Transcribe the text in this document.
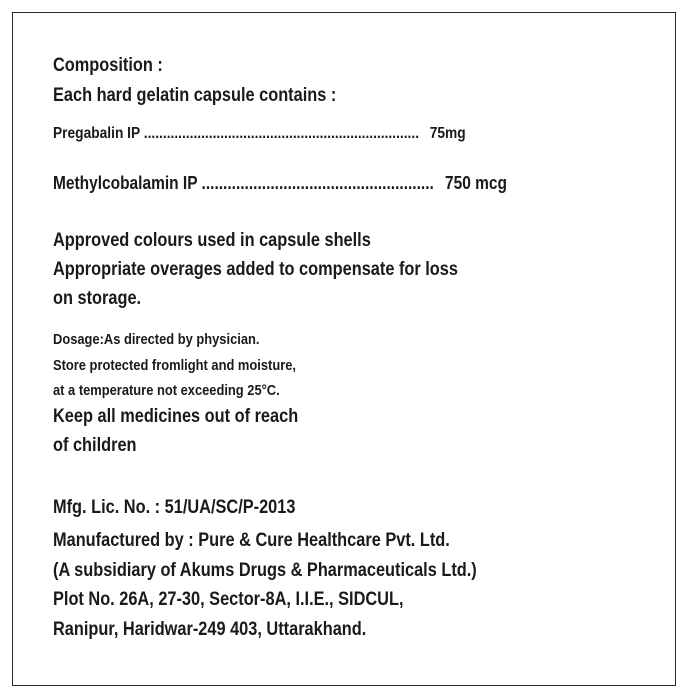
Composition :
Each hard gelatin capsule contains :
Pregabalin IP ........................................................................ 75mg
Methylcobalamin IP ...................................................... 750 mcg
Approved colours used in capsule shells
Appropriate overages added to compensate for loss
on storage.
Dosage:As directed by physician.
Store protected fromlight and moisture,
at a temperature not exceeding 25°C.
Keep all medicines out of reach
of children
Mfg. Lic. No. : 51/UA/SC/P-2013
Manufactured by : Pure & Cure Healthcare Pvt. Ltd.
(A subsidiary of Akums Drugs & Pharmaceuticals Ltd.)
Plot No. 26A, 27-30, Sector-8A, I.I.E., SIDCUL,
Ranipur, Haridwar-249 403, Uttarakhand.
